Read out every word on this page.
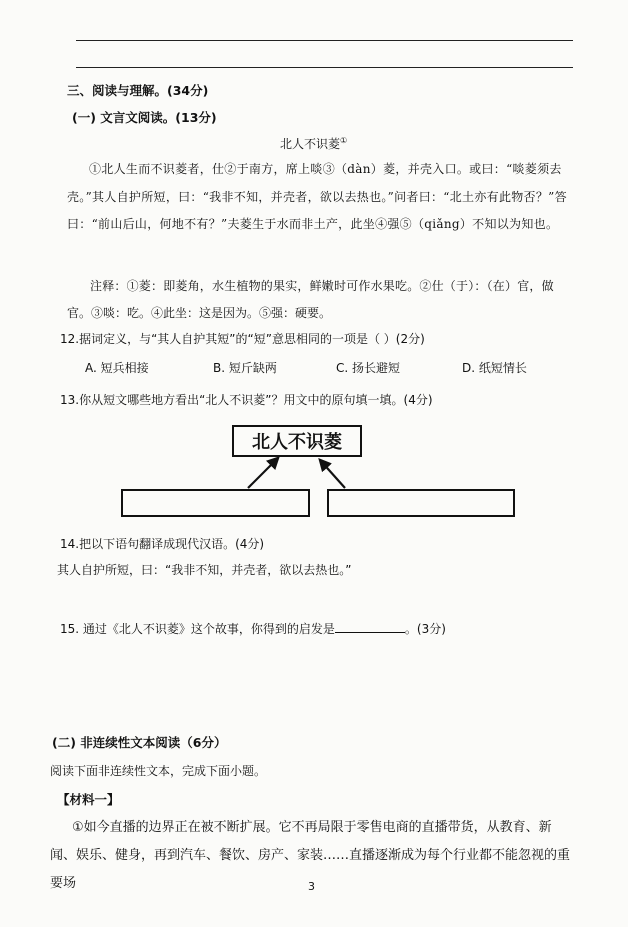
三、阅读与理解。(34分)
(一) 文言文阅读。(13分)
北人不识菱①
①北人生而不识菱者，仕②于南方，席上啖③（dàn）菱，并壳入口。或曰：“啖菱须去壳。”其人自护所短，曰：“我非不知，并壳者，欲以去热也。”问者曰：“北土亦有此物否？”答曰：“前山后山，何地不有？”夫菱生于水而非土产，此坐④强⑤（qiǎng）不知以为知也。
注释：①菱：即菱角，水生植物的果实，鲜嫩时可作水果吃。②仕（于）：（在）官，做
官。③啖：吃。④此坐：这是因为。⑤强：硬要。
12.据词定义，与“其人自护其短”的“短”意思相同的一项是（ ）(2分)
A. 短兵相接	B. 短斤缺两	C. 扬长避短	D. 纸短情长
13.你从短文哪些地方看出“北人不识菱”？用文中的原句填一填。(4分)
北人不识菱
14.把以下语句翻译成现代汉语。(4分)
其人自护所短，曰：“我非不知，并壳者，欲以去热也。”
15. 通过《北人不识菱》这个故事，你得到的启发是	。(3分)
(二) 非连续性文本阅读（6分）
阅读下面非连续性文本，完成下面小题。
【材料一】
①如今直播的边界正在被不断扩展。它不再局限于零售电商的直播带货，从教育、新闻、娱乐、健身，再到汽车、餐饮、房产、家装……直播逐渐成为每个行业都不能忽视的重要场	3
